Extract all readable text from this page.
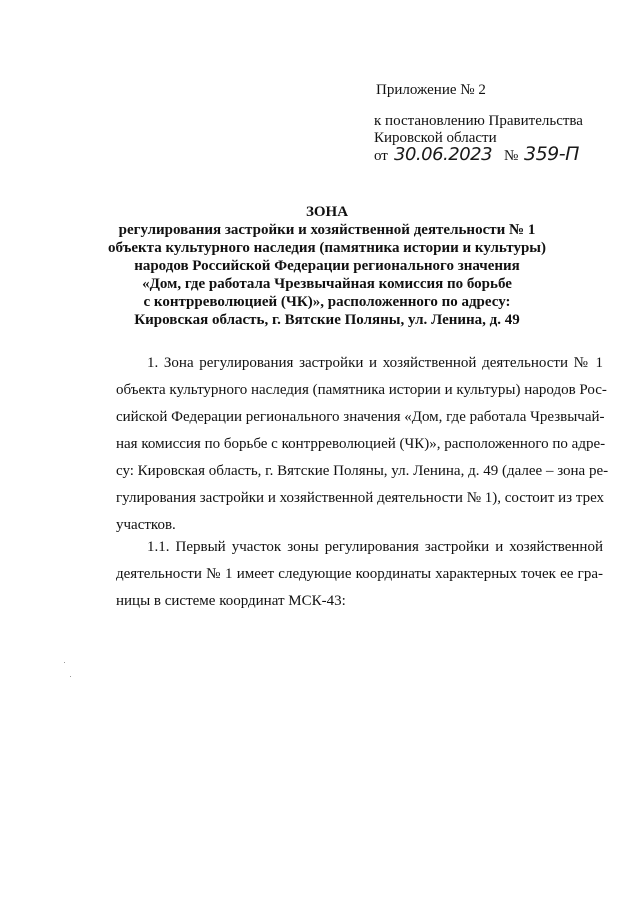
Приложение № 2
к постановлению Правительства
Кировской области
от 30.06.2023 № 359-П
ЗОНА
регулирования застройки и хозяйственной деятельности № 1
объекта культурного наследия (памятника истории и культуры)
народов Российской Федерации регионального значения
«Дом, где работала Чрезвычайная комиссия по борьбе
с контрреволюцией (ЧК)», расположенного по адресу:
Кировская область, г. Вятские Поляны, ул. Ленина, д. 49
1. Зона регулирования застройки и хозяйственной деятельности № 1
объекта культурного наследия (памятника истории и культуры) народов Рос-
сийской Федерации регионального значения «Дом, где работала Чрезвычай-
ная комиссия по борьбе с контрреволюцией (ЧК)», расположенного по адре-
су: Кировская область, г. Вятские Поляны, ул. Ленина, д. 49 (далее – зона ре-
гулирования застройки и хозяйственной деятельности № 1), состоит из трех
участков.
1.1. Первый участок зоны регулирования застройки и хозяйственной
деятельности № 1 имеет следующие координаты характерных точек ее гра-
ницы в системе координат МСК-43:
